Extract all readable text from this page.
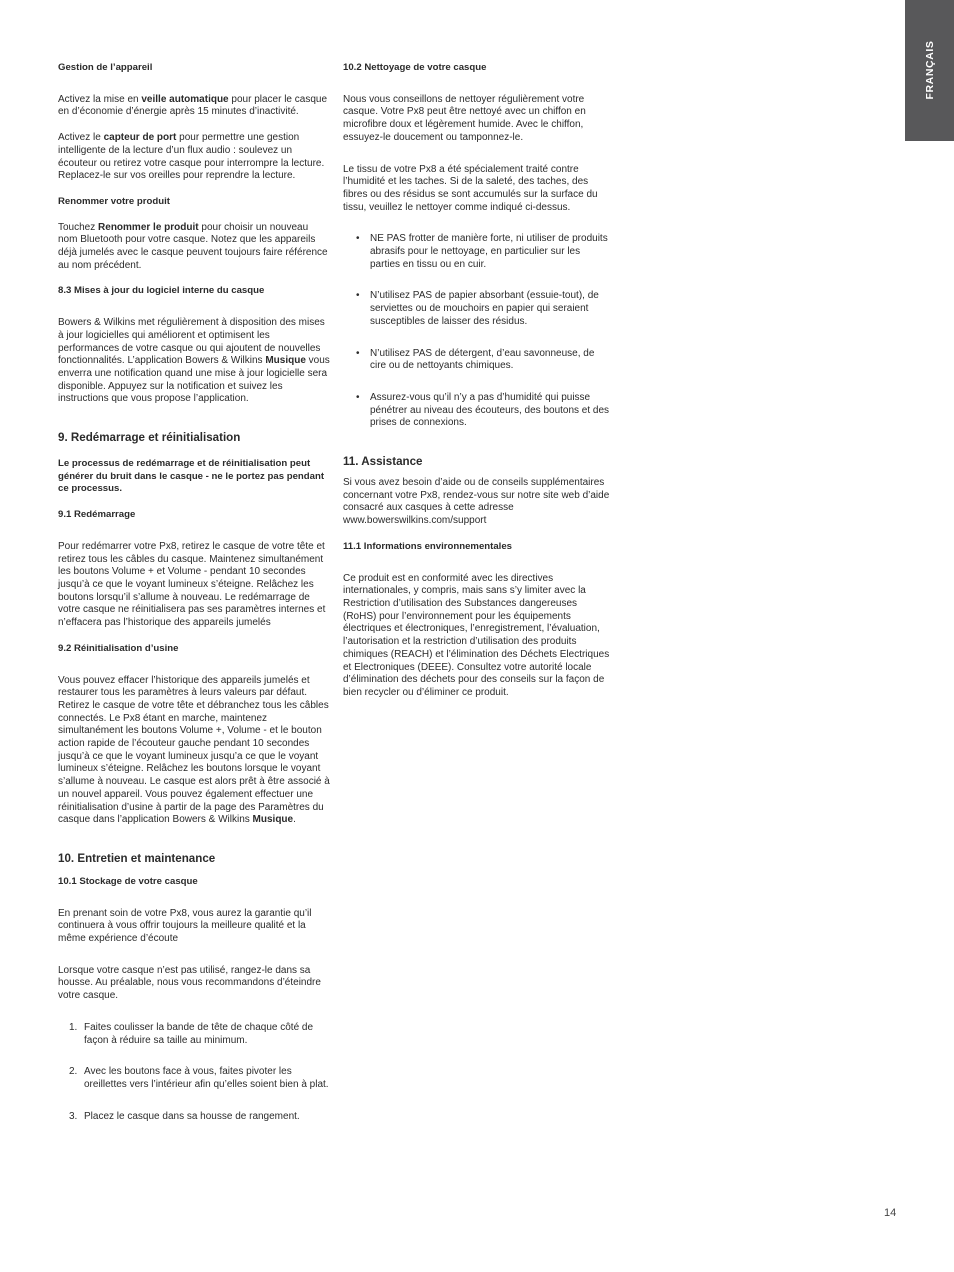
FRANÇAIS

Gestion de l’appareil

Activez la mise en veille automatique pour placer le casque en d’économie d’énergie après 15 minutes d’inactivité.

Activez le capteur de port pour permettre une gestion intelligente de la lecture d’un flux audio : soulevez un écouteur ou retirez votre casque pour interrompre la lecture. Replacez-le sur vos oreilles pour reprendre la lecture.

Renommer votre produit

Touchez Renommer le produit pour choisir un nouveau nom Bluetooth pour votre casque. Notez que les appareils déjà jumelés avec le casque peuvent toujours faire référence au nom précédent.

8.3 Mises à jour du logiciel interne du casque

Bowers & Wilkins met régulièrement à disposition des mises à jour logicielles qui améliorent et optimisent les performances de votre casque ou qui ajoutent de nouvelles fonctionnalités. L’application Bowers & Wilkins Musique vous enverra une notification quand une mise à jour logicielle sera disponible. Appuyez sur la notification et suivez les instructions que vous propose l’application.

9. Redémarrage et réinitialisation

Le processus de redémarrage et de réinitialisation peut générer du bruit dans le casque - ne le portez pas pendant ce processus.

9.1 Redémarrage

Pour redémarrer votre Px8, retirez le casque de votre tête et retirez tous les câbles du casque. Maintenez simultanément les boutons Volume + et Volume - pendant 10 secondes jusqu’à ce que le voyant lumineux s’éteigne. Relâchez les boutons lorsqu’il s’allume à nouveau. Le redémarrage de votre casque ne réinitialisera pas ses paramètres internes et n’effacera pas l’historique des appareils jumelés

9.2 Réinitialisation d’usine

Vous pouvez effacer l’historique des appareils jumelés et restaurer tous les paramètres à leurs valeurs par défaut. Retirez le casque de votre tête et débranchez tous les câbles connectés. Le Px8 étant en marche, maintenez simultanément les boutons Volume +, Volume - et le bouton action rapide de l’écouteur gauche pendant 10 secondes jusqu’à ce que le voyant lumineux jusqu’a ce que le voyant lumineux s’éteigne. Relâchez les boutons lorsque le voyant s’allume à nouveau. Le casque est alors prêt à être associé à un nouvel appareil. Vous pouvez également effectuer une réinitialisation d’usine à partir de la page des Paramètres du casque dans l’application Bowers & Wilkins Musique.

10. Entretien et maintenance

10.1 Stockage de votre casque

En prenant soin de votre Px8, vous aurez la garantie qu’il continuera à vous offrir toujours la meilleure qualité et la même expérience d’écoute

Lorsque votre casque n’est pas utilisé, rangez-le dans sa housse. Au préalable, nous vous recommandons d’éteindre votre casque.

1. Faites coulisser la bande de tête de chaque côté de façon à réduire sa taille au minimum.
2. Avec les boutons face à vous, faites pivoter les oreillettes vers l’intérieur afin qu’elles soient bien à plat.
3. Placez le casque dans sa housse de rangement.

10.2 Nettoyage de votre casque

Nous vous conseillons de nettoyer régulièrement votre casque. Votre Px8 peut être nettoyé avec un chiffon en microfibre doux et légèrement humide. Avec le chiffon, essuyez-le doucement ou tamponnez-le.

Le tissu de votre Px8 a été spécialement traité contre l’humidité et les taches. Si de la saleté, des taches, des fibres ou des résidus se sont accumulés sur la surface du tissu, veuillez le nettoyer comme indiqué ci-dessus.

• NE PAS frotter de manière forte, ni utiliser de produits abrasifs pour le nettoyage, en particulier sur les parties en tissu ou en cuir.
• N’utilisez PAS de papier absorbant (essuie-tout), de serviettes ou de mouchoirs en papier qui seraient susceptibles de laisser des résidus.
• N’utilisez PAS de détergent, d’eau savonneuse, de cire ou de nettoyants chimiques.
• Assurez-vous qu’il n’y a pas d’humidité qui puisse pénétrer au niveau des écouteurs, des boutons et des prises de connexions.

11. Assistance

Si vous avez besoin d’aide ou de conseils supplémentaires concernant votre Px8, rendez-vous sur notre site web d’aide consacré aux casques à cette adresse www.bowerswilkins.com/support

11.1 Informations environnementales

Ce produit est en conformité avec les directives internationales, y compris, mais sans s’y limiter avec la Restriction d’utilisation des Substances dangereuses (RoHS) pour l’environnement pour les équipements électriques et électroniques, l’enregistrement, l’évaluation, l’autorisation et la restriction d’utilisation des produits chimiques (REACH) et l’élimination des Déchets Electriques et Electroniques (DEEE). Consultez votre autorité locale d’élimination des déchets pour des conseils sur la façon de bien recycler ou d’éliminer ce produit.

14
